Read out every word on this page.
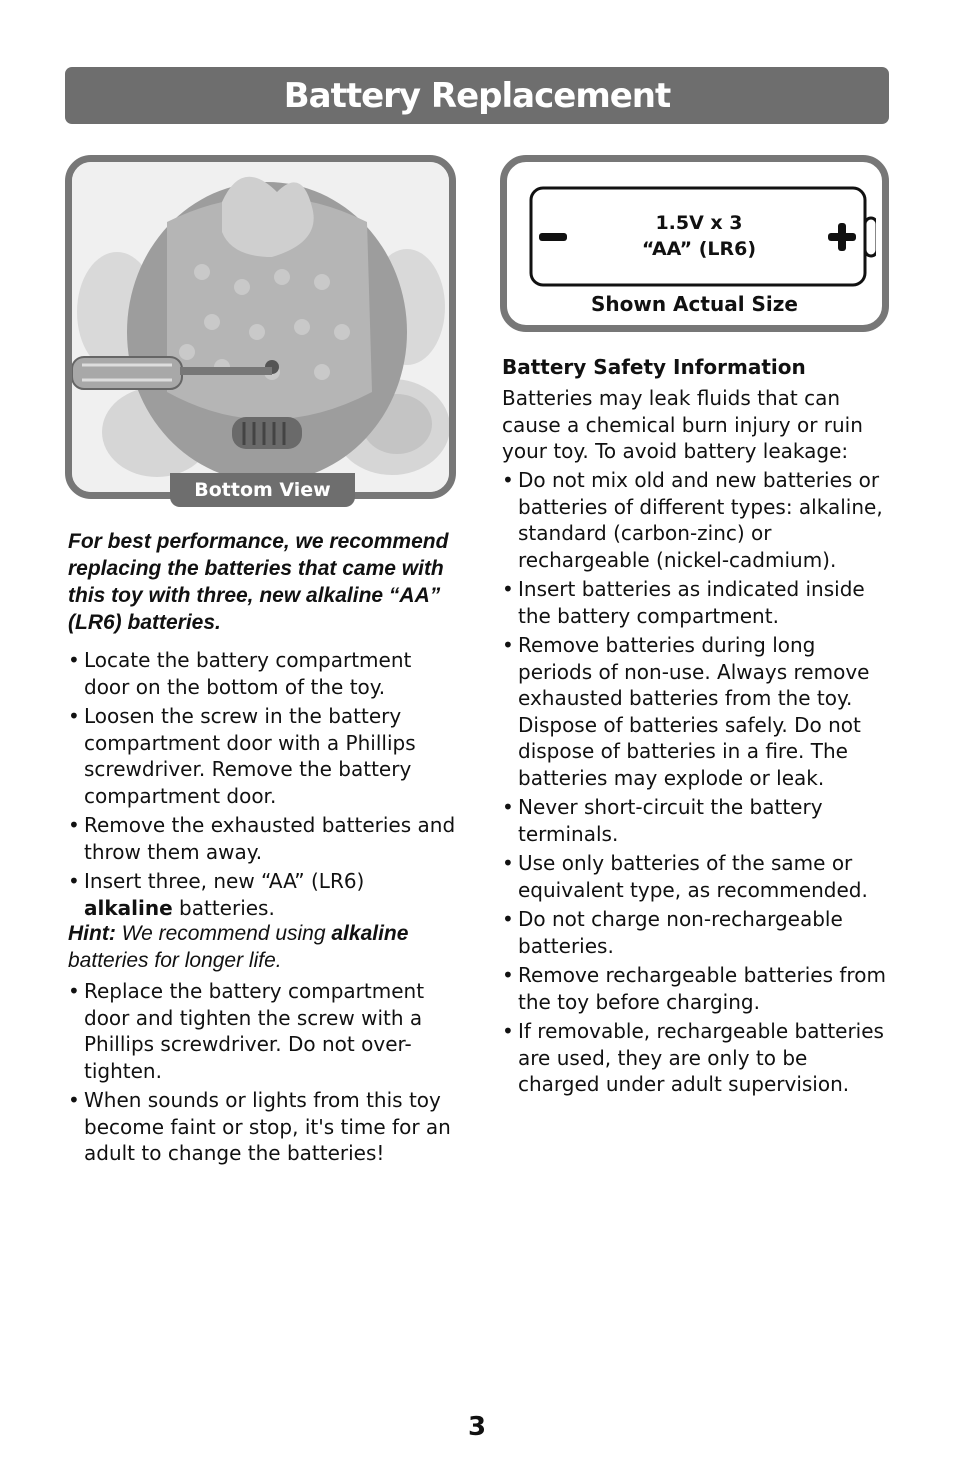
Battery Replacement
Bottom View
1.5V x 3
“AA” (LR6)
Shown Actual Size
For best performance, we recommend replacing the batteries that came with this toy with three, new alkaline “AA” (LR6) batteries.
• Locate the battery compartment door on the bottom of the toy.
• Loosen the screw in the battery compartment door with a Phillips screwdriver. Remove the battery compartment door.
• Remove the exhausted batteries and throw them away.
• Insert three, new “AA” (LR6) alkaline batteries.
Hint: We recommend using alkaline batteries for longer life.
• Replace the battery compartment door and tighten the screw with a Phillips screwdriver. Do not over-tighten.
• When sounds or lights from this toy become faint or stop, it's time for an adult to change the batteries!
Battery Safety Information
Batteries may leak fluids that can cause a chemical burn injury or ruin your toy. To avoid battery leakage:
• Do not mix old and new batteries or batteries of different types: alkaline, standard (carbon-zinc) or rechargeable (nickel-cadmium).
• Insert batteries as indicated inside the battery compartment.
• Remove batteries during long periods of non-use. Always remove exhausted batteries from the toy. Dispose of batteries safely. Do not dispose of batteries in a fire. The batteries may explode or leak.
• Never short-circuit the battery terminals.
• Use only batteries of the same or equivalent type, as recommended.
• Do not charge non-rechargeable batteries.
• Remove rechargeable batteries from the toy before charging.
• If removable, rechargeable batteries are used, they are only to be charged under adult supervision.
3
